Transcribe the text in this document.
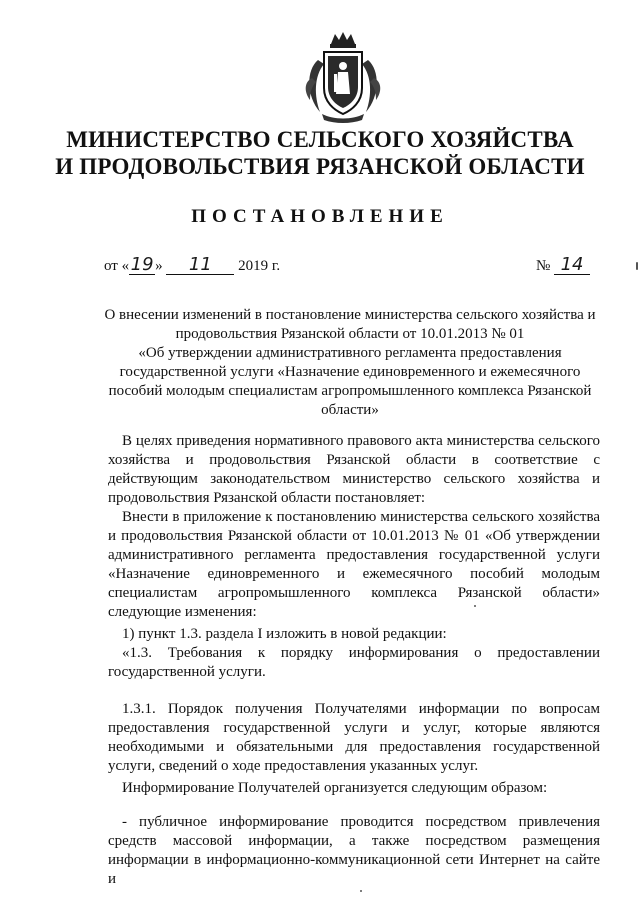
МИНИСТЕРСТВО СЕЛЬСКОГО ХОЗЯЙСТВА
И ПРОДОВОЛЬСТВИЯ РЯЗАНСКОЙ ОБЛАСТИ
ПОСТАНОВЛЕНИЕ
от «19 » 11 2019 г.	№ 14
О внесении изменений в постановление министерства сельского хозяйства и
продовольствия Рязанской области от 10.01.2013 № 01
«Об утверждении административного регламента предоставления
государственной услуги «Назначение единовременного и ежемесячного
пособий молодым специалистам агропромышленного комплекса Рязанской
области»

В целях приведения нормативного правового акта министерства сельского хозяйства и продовольствия Рязанской области в соответствие с действующим законодательством министерство сельского хозяйства и продовольствия Рязанской области постановляет:

Внести в приложение к постановлению министерства сельского хозяйства и продовольствия Рязанской области от 10.01.2013 № 01 «Об утверждении административного регламента предоставления государственной услуги «Назначение единовременного и ежемесячного пособий молодым специалистам агропромышленного комплекса Рязанской области» следующие изменения:

1) пункт 1.3. раздела I изложить в новой редакции:

«1.3. Требования к порядку информирования о предоставлении государственной услуги.

1.3.1. Порядок получения Получателями информации по вопросам предоставления государственной услуги и услуг, которые являются необходимыми и обязательными для предоставления государственной услуги, сведений о ходе предоставления указанных услуг.

Информирование Получателей организуется следующим образом:

- публичное информирование проводится посредством привлечения средств массовой информации, а также посредством размещения информации в информационно-коммуникационной сети Интернет на сайте и
